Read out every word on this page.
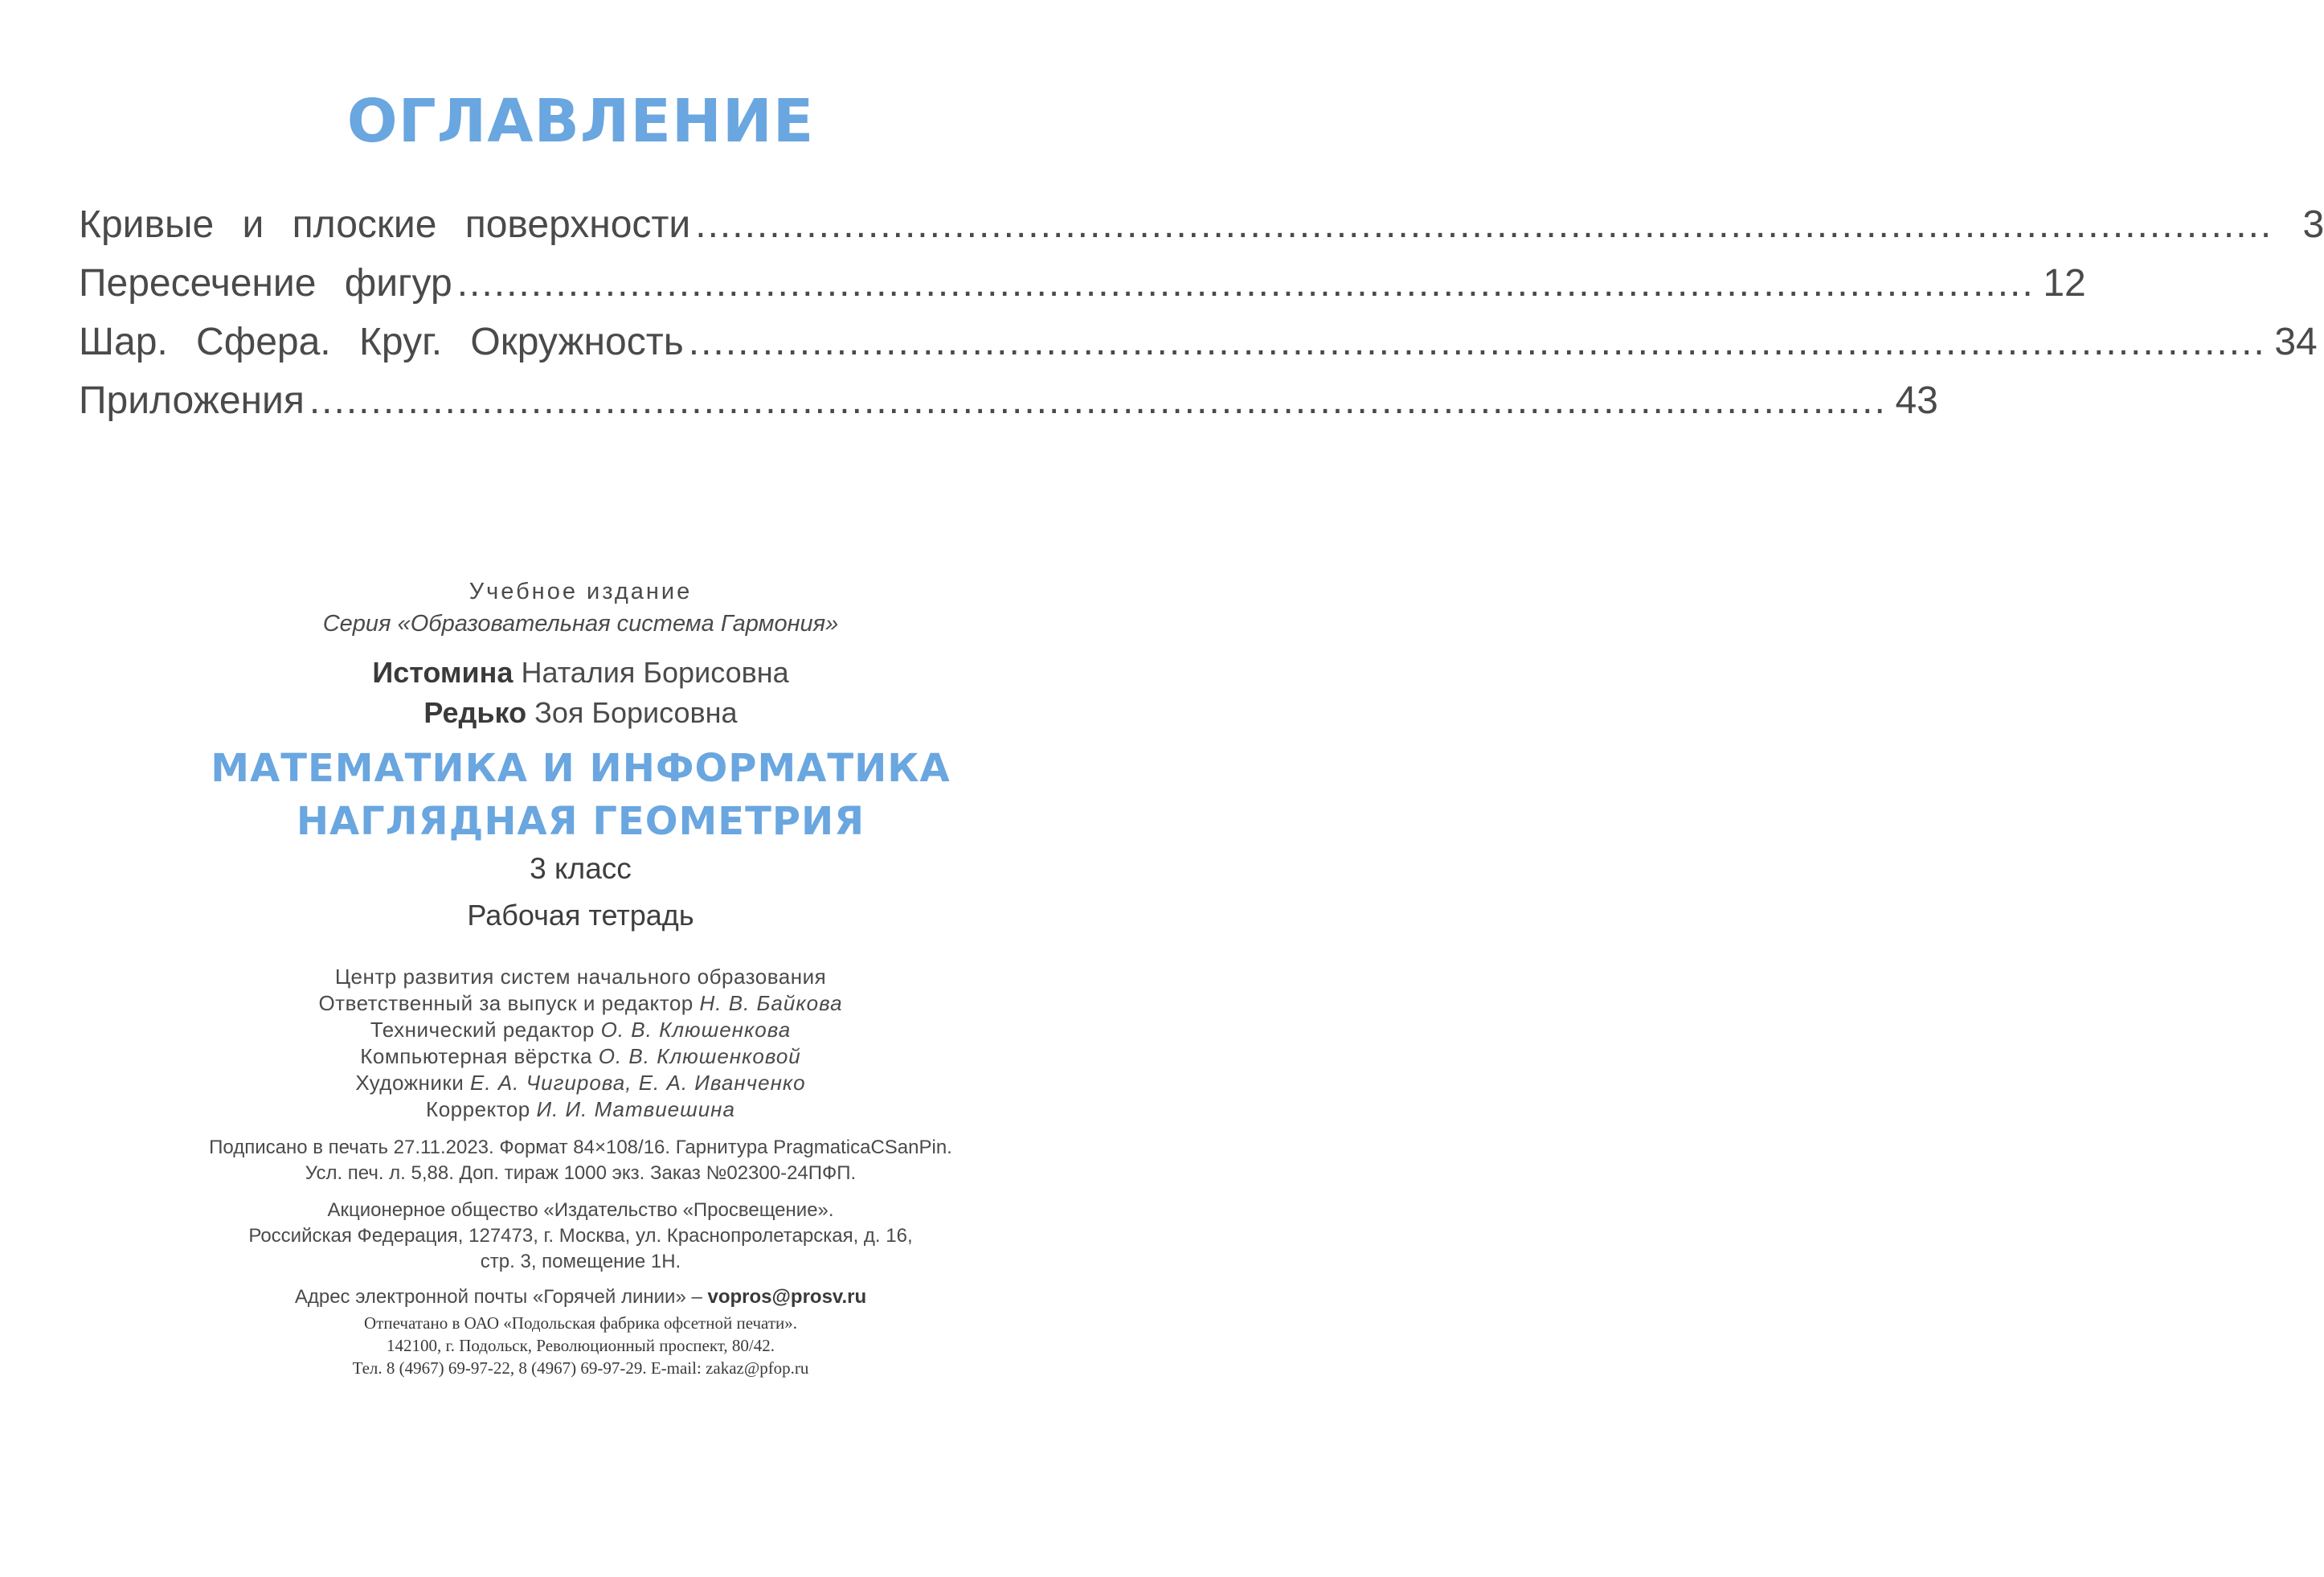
ОГЛАВЛЕНИЕ
Кривые и плоские поверхности ................................................................................................................................ 3
Пересечение фигур ................................................................................................................................ 12
Шар. Сфера. Круг. Окружность ................................................................................................................................ 34
Приложения ................................................................................................................................ 43
Учебное издание
Серия «Образовательная система Гармония»
Истомина Наталия Борисовна
Редько Зоя Борисовна
МАТЕМАТИКА И ИНФОРМАТИКА
НАГЛЯДНАЯ ГЕОМЕТРИЯ
3 класс
Рабочая тетрадь
Центр развития систем начального образования
Ответственный за выпуск и редактор Н. В. Байкова
Технический редактор О. В. Клюшенкова
Компьютерная вёрстка О. В. Клюшенковой
Художники Е. А. Чигирова, Е. А. Иванченко
Корректор И. И. Матвиешина
Подписано в печать 27.11.2023. Формат 84×108/16. Гарнитура PragmaticaCSanPin.
Усл. печ. л. 5,88. Доп. тираж 1000 экз. Заказ №02300-24ПФП.
Акционерное общество «Издательство «Просвещение».
Российская Федерация, 127473, г. Москва, ул. Краснопролетарская, д. 16,
стр. 3, помещение 1Н.
Адрес электронной почты «Горячей линии» – vopros@prosv.ru
Отпечатано в ОАО «Подольская фабрика офсетной печати».
142100, г. Подольск, Революционный проспект, 80/42.
Тел. 8 (4967) 69-97-22, 8 (4967) 69-97-29. E-mail: zakaz@pfop.ru
